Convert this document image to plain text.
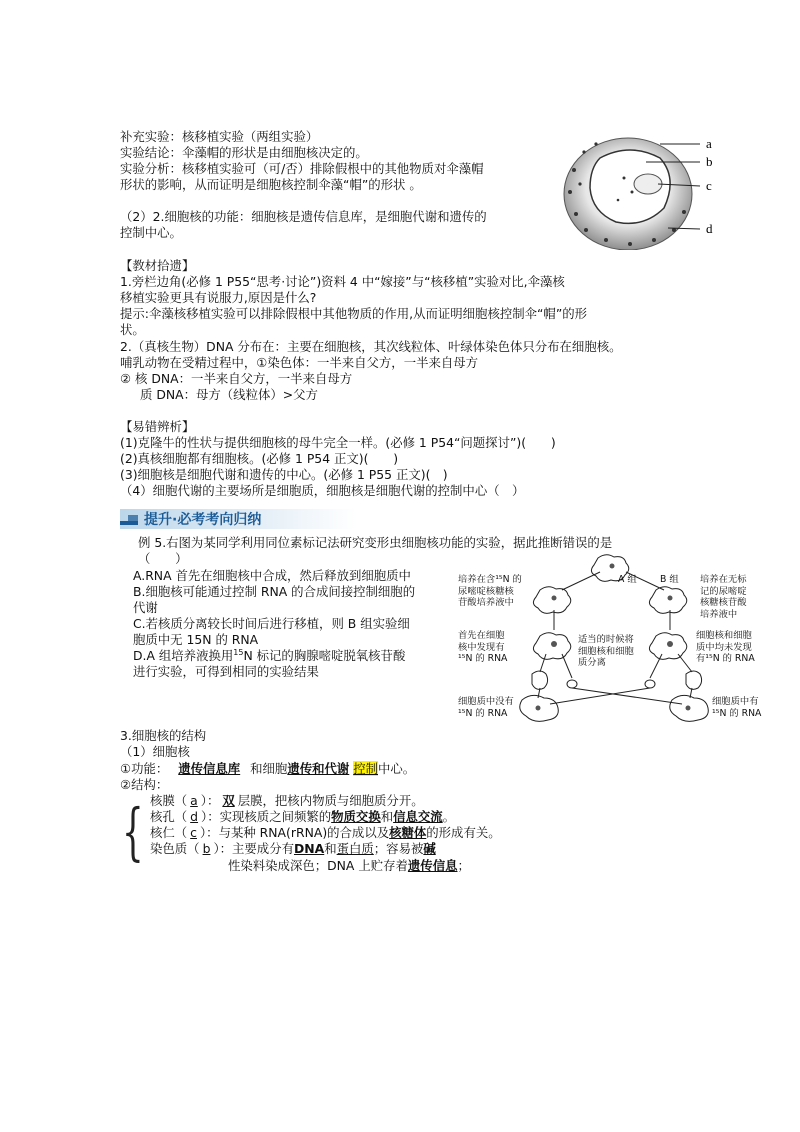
补充实验：核移植实验（两组实验）
实验结论：伞藻帽的形状是由细胞核决定的。
实验分析：核移植实验可（可/否）排除假根中的其他物质对伞藻帽
形状的影响，从而证明是细胞核控制伞藻“帽”的形状 。
（2）2.细胞核的功能：细胞核是遗传信息库，是细胞代谢和遗传的
控制中心。
a
b
c
d
【教材拾遗】
1.旁栏边角(必修 1 P55“思考·讨论”)资料 4 中“嫁接”与“核移植”实验对比,伞藻核
移植实验更具有说服力,原因是什么?
提示:伞藻核移植实验可以排除假根中其他物质的作用,从而证明细胞核控制伞“帽”的形
状。
2.（真核生物）DNA 分布在：主要在细胞核，其次线粒体、叶绿体染色体只分布在细胞核。
哺乳动物在受精过程中，①染色体：一半来自父方，一半来自母方
② 核 DNA：一半来自父方，一半来自母方
质 DNA：母方（线粒体）>父方
【易错辨析】
(1)克隆牛的性状与提供细胞核的母牛完全一样。(必修 1 P54“问题探讨”)(　　)
(2)真核细胞都有细胞核。(必修 1 P54 正文)(　　)
(3)细胞核是细胞代谢和遗传的中心。(必修 1 P55 正文)(　)
（4）细胞代谢的主要场所是细胞质，细胞核是细胞代谢的控制中心（　）
提升·必考考向归纳
例 5.右图为某同学利用同位素标记法研究变形虫细胞核功能的实验，据此推断错误的是
（　　）
A.RNA 首先在细胞核中合成，然后释放到细胞质中
B.细胞核可能通过控制 RNA 的合成间接控制细胞的
代谢
C.若核质分离较长时间后进行移植，则 B 组实验细
胞质中无 15N 的 RNA
D.A 组培养液换用$^{15}$N 标记的胸腺嘧啶脱氧核苷酸
进行实验，可得到相同的实验结果
A 组	B 组
培养在含¹⁵N 的
尿嘧啶核糖核
苷酸培养液中
培养在无标
记的尿嘧啶
核糖核苷酸
培养液中
首先在细胞
核中发现有
¹⁵N 的 RNA
适当的时候将
细胞核和细胞
质分离
细胞核和细胞
质中均未发现
有¹⁵N 的 RNA
细胞质中没有
¹⁵N 的 RNA
细胞质中有
¹⁵N 的 RNA
3.细胞核的结构
（1）细胞核
①功能： 遗传信息库 和细胞遗传和代谢 控制中心。
②结构：
{ 核膜（ a ）： 双 层膜，把核内物质与细胞质分开。
核孔（ d ）：实现核质之间频繁的物质交换和信息交流。
核仁（ c ）：与某种 RNA(rRNA)的合成以及核糖体的形成有关。
染色质（ b ）：主要成分有DNA和蛋白质；容易被碱
性染料染成深色；DNA 上贮存着遗传信息；
